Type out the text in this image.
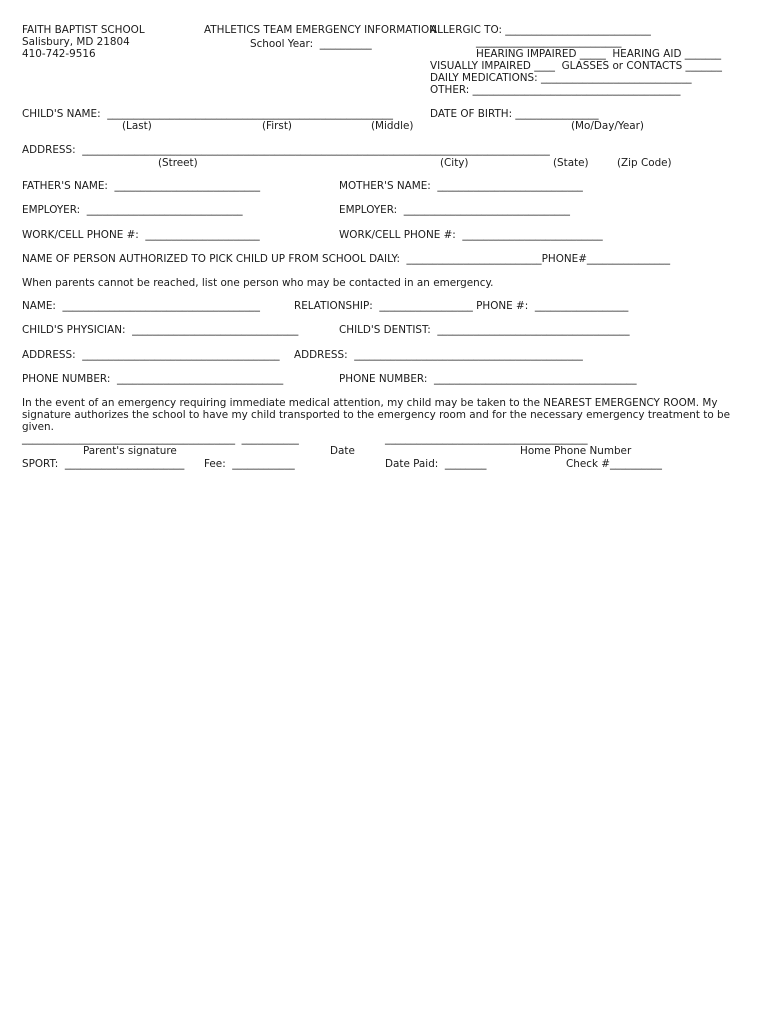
FAITH BAPTIST SCHOOL
Salisbury, MD 21804
410-742-9516
ATHLETICS TEAM EMERGENCY INFORMATION
School Year:  __________
ALLERGIC TO: ____________________________
____________________________
HEARING IMPAIRED _____  HEARING AID _______
VISUALLY IMPAIRED ____  GLASSES or CONTACTS _______
DAILY MEDICATIONS: _____________________________
OTHER: ________________________________________
CHILD'S NAME:  _______________________________________________________
(Last)	(First)	(Middle)
DATE OF BIRTH: ________________
(Mo/Day/Year)
ADDRESS:  __________________________________________________________________________________________
(Street)	(City)	(State)	(Zip Code)
FATHER'S NAME:  ____________________________	MOTHER'S NAME:  ____________________________
EMPLOYER:  ______________________________	EMPLOYER:  ________________________________
WORK/CELL PHONE #:  ______________________	WORK/CELL PHONE #:  ___________________________
NAME OF PERSON AUTHORIZED TO PICK CHILD UP FROM SCHOOL DAILY:  __________________________PHONE#________________
When parents cannot be reached, list one person who may be contacted in an emergency.
NAME:  ______________________________________	RELATIONSHIP:  __________________ PHONE #:  __________________
CHILD'S PHYSICIAN:  ________________________________	CHILD'S DENTIST:  _____________________________________
ADDRESS:  ______________________________________ ADDRESS:  ____________________________________________
PHONE NUMBER:  ________________________________	PHONE NUMBER:  _______________________________________
In the event of an emergency requiring immediate medical attention, my child may be taken to the NEAREST EMERGENCY ROOM. My signature authorizes the school to have my child transported to the emergency room and for the necessary emergency treatment to be given.
_________________________________________  ___________
Parent's signature	Date
_______________________________________
Home Phone Number
SPORT:  _______________________ Fee:  ____________	Date Paid:  ________	Check #__________
